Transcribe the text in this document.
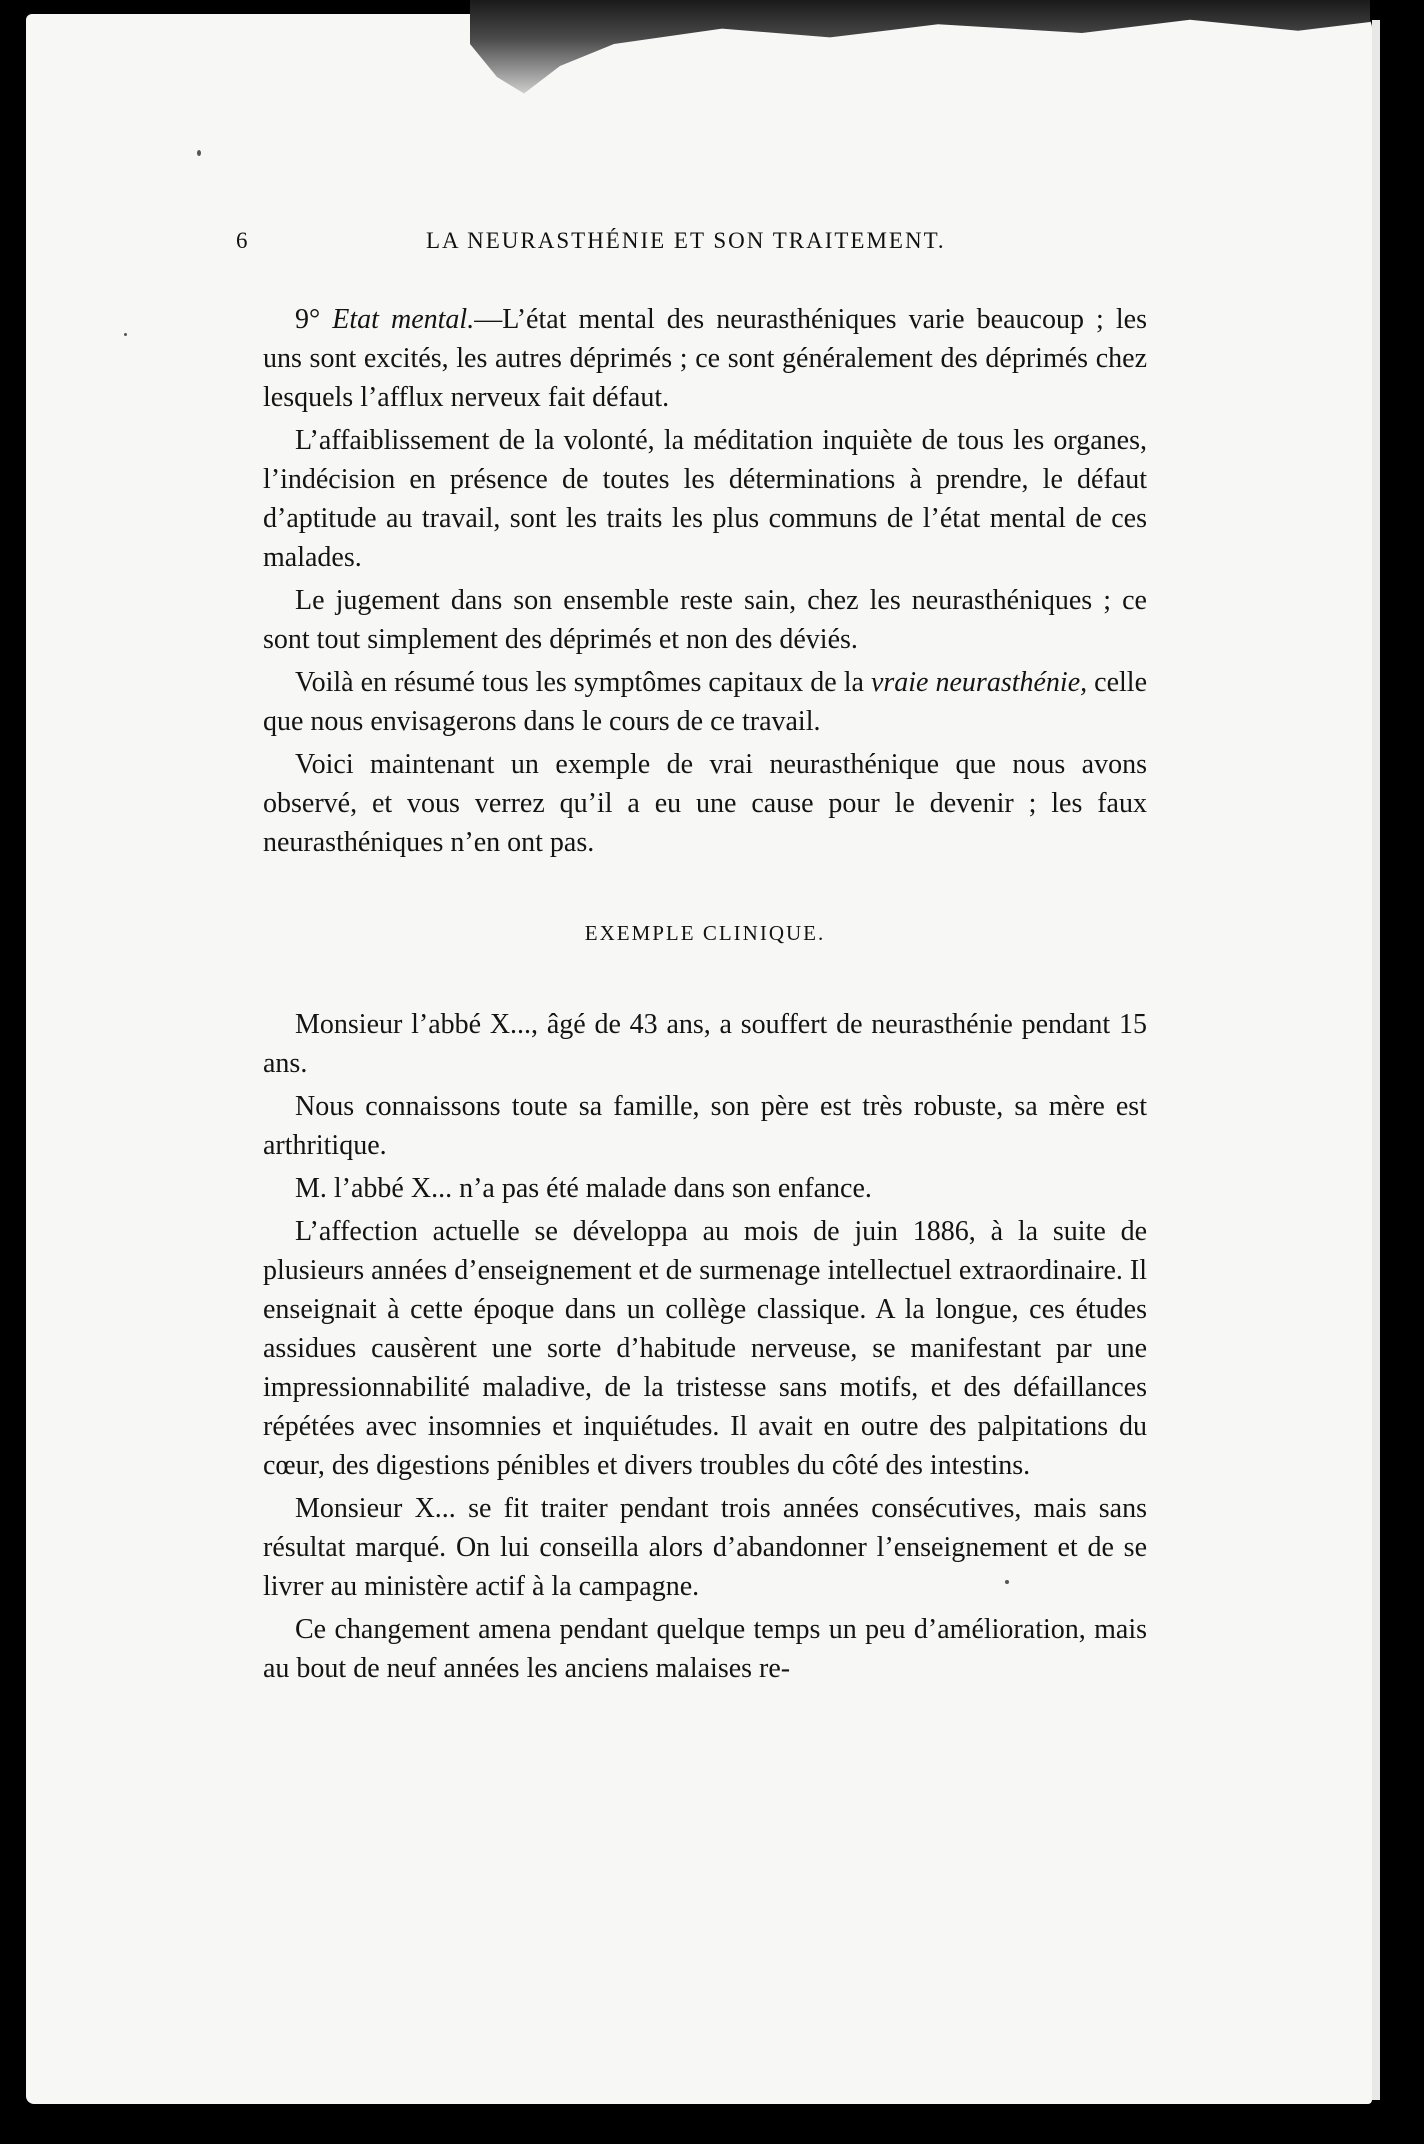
6	LA NEURASTHÉNIE ET SON TRAITEMENT.

9° Etat mental.—L’état mental des neurasthéniques varie beaucoup ; les uns sont excités, les autres déprimés ; ce sont généralement des déprimés chez lesquels l’afflux nerveux fait défaut.

L’affaiblissement de la volonté, la méditation inquiète de tous les organes, l’indécision en présence de toutes les déterminations à prendre, le défaut d’aptitude au travail, sont les traits les plus communs de l’état mental de ces malades.

Le jugement dans son ensemble reste sain, chez les neurasthéniques ; ce sont tout simplement des déprimés et non des déviés.

Voilà en résumé tous les symptômes capitaux de la vraie neurasthénie, celle que nous envisagerons dans le cours de ce travail.

Voici maintenant un exemple de vrai neurasthénique que nous avons observé, et vous verrez qu’il a eu une cause pour le devenir ; les faux neurasthéniques n’en ont pas.

EXEMPLE CLINIQUE.

Monsieur l’abbé X..., âgé de 43 ans, a souffert de neurasthénie pendant 15 ans.

Nous connaissons toute sa famille, son père est très robuste, sa mère est arthritique.

M. l’abbé X... n’a pas été malade dans son enfance.

L’affection actuelle se développa au mois de juin 1886, à la suite de plusieurs années d’enseignement et de surmenage intellectuel extraordinaire. Il enseignait à cette époque dans un collège classique. A la longue, ces études assidues causèrent une sorte d’habitude nerveuse, se manifestant par une impressionnabilité maladive, de la tristesse sans motifs, et des défaillances répétées avec insomnies et inquiétudes. Il avait en outre des palpitations du cœur, des digestions pénibles et divers troubles du côté des intestins.

Monsieur X... se fit traiter pendant trois années consécutives, mais sans résultat marqué. On lui conseilla alors d’abandonner l’enseignement et de se livrer au ministère actif à la campagne.

Ce changement amena pendant quelque temps un peu d’amélioration, mais au bout de neuf années les anciens malaises re-
